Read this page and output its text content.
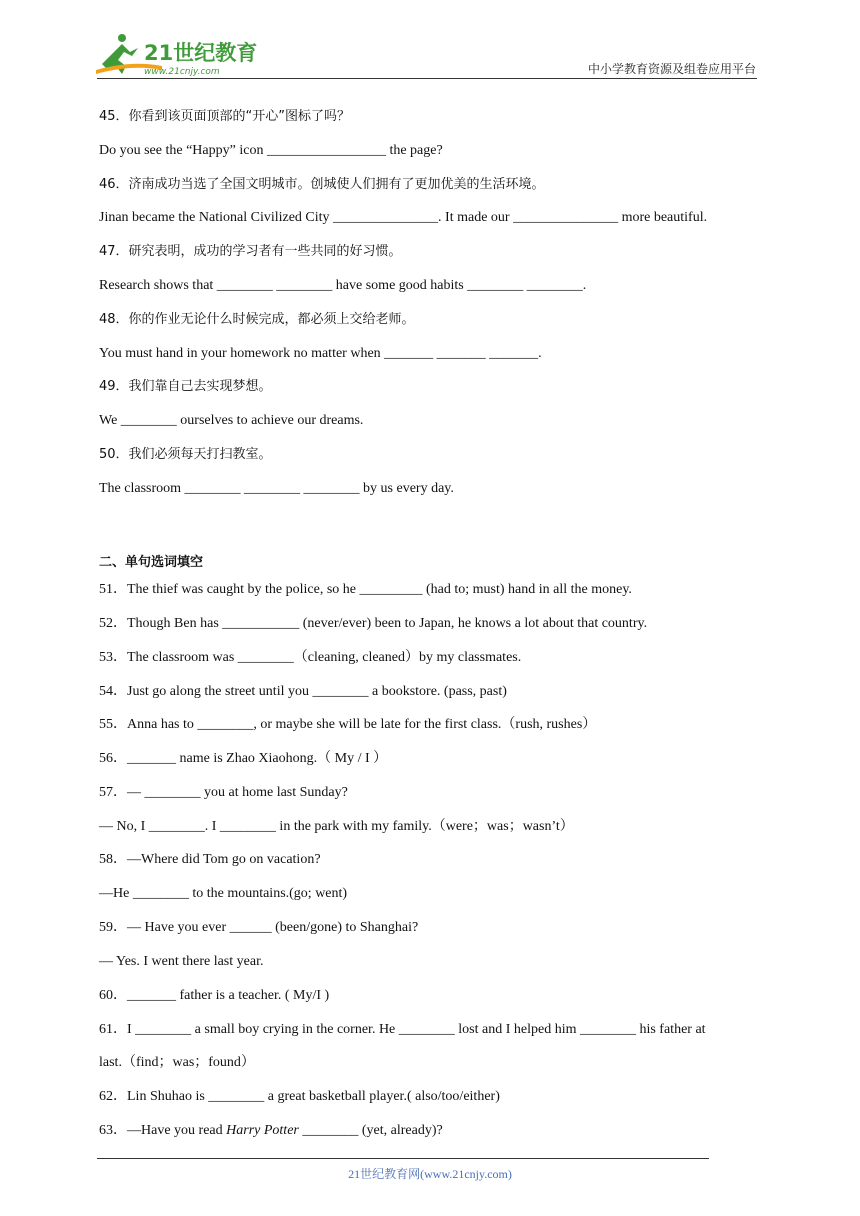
21世纪教育
www.21cnjy.com	中小学教育资源及组卷应用平台
45．你看到该页面顶部的“开心”图标了吗？
Do you see the “Happy” icon _________________ the page?
46．济南成功当选了全国文明城市。创城使人们拥有了更加优美的生活环境。
Jinan became the National Civilized City _______________. It made our _______________ more beautiful.
47．研究表明，成功的学习者有一些共同的好习惯。
Research shows that ________ ________ have some good habits ________ ________.
48．你的作业无论什么时候完成，都必须上交给老师。
You must hand in your homework no matter when _______ _______ _______.
49．我们靠自己去实现梦想。
We ________ ourselves to achieve our dreams.
50．我们必须每天打扫教室。
The classroom ________ ________ ________ by us every day.
51．The thief was caught by the police, so he _________ (had to; must) hand in all the money.
52．Though Ben has ___________ (never/ever) been to Japan, he knows a lot about that country.
53．The classroom was ________（cleaning, cleaned）by my classmates.
54．Just go along the street until you ________ a bookstore. (pass, past)
55．Anna has to ________, or maybe she will be late for the first class.（rush, rushes）
56．_______ name is Zhao Xiaohong.（ My / I ）
57．— ________ you at home last Sunday?
— No, I ________. I ________ in the park with my family.（were；was；wasn’t）
58．—Where did Tom go on vacation?
—He ________ to the mountains.(go; went)
59．— Have you ever ______ (been/gone) to Shanghai?
— Yes. I went there last year.
60．_______ father is a teacher. ( My/I )
61．I ________ a small boy crying in the corner. He ________ lost and I helped him ________ his father at
last.（find；was；found）
62．Lin Shuhao is ________ a great basketball player.( also/too/either)
二、单句选词填空
63．—Have you read Harry Potter ________ (yet, already)?
21世纪教育网(www.21cnjy.com)
